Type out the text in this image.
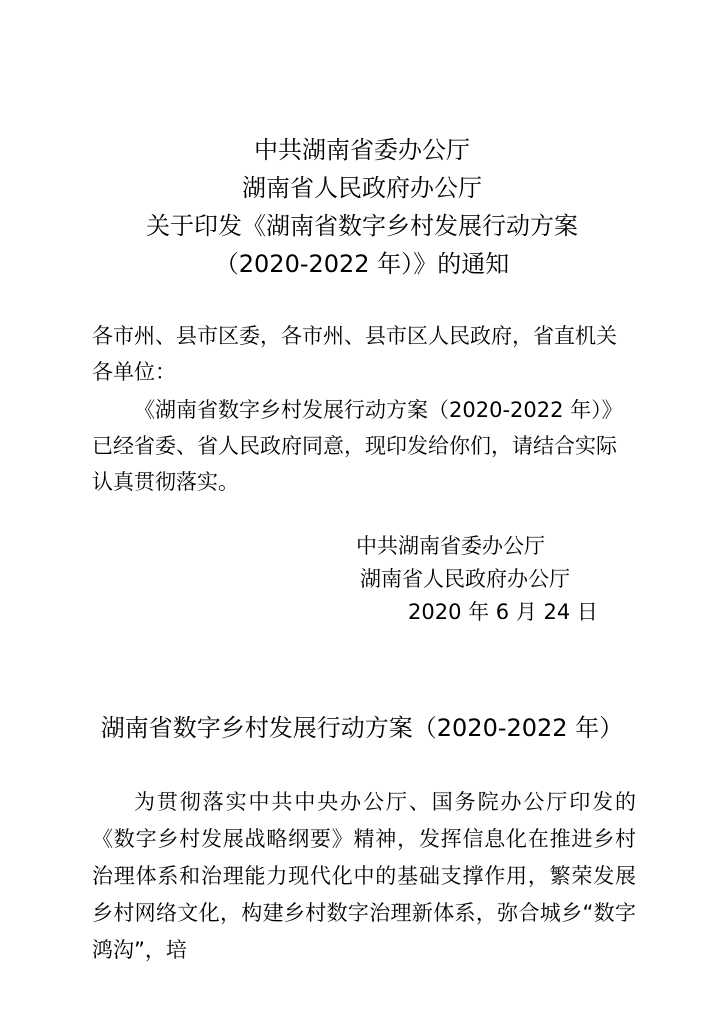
中共湖南省委办公厅
湖南省人民政府办公厅
关于印发《湖南省数字乡村发展行动方案
（2020-2022 年）》的通知
各市州、县市区委，各市州、县市区人民政府，省直机关各单位：
《湖南省数字乡村发展行动方案（2020-2022 年）》已经省委、省人民政府同意，现印发给你们，请结合实际认真贯彻落实。
中共湖南省委办公厅
湖南省人民政府办公厅
2020 年 6 月 24 日
湖南省数字乡村发展行动方案（2020-2022 年）
为贯彻落实中共中央办公厅、国务院办公厅印发的《数字乡村发展战略纲要》精神，发挥信息化在推进乡村治理体系和治理能力现代化中的基础支撑作用，繁荣发展乡村网络文化，构建乡村数字治理新体系，弥合城乡“数字鸿沟”，培
